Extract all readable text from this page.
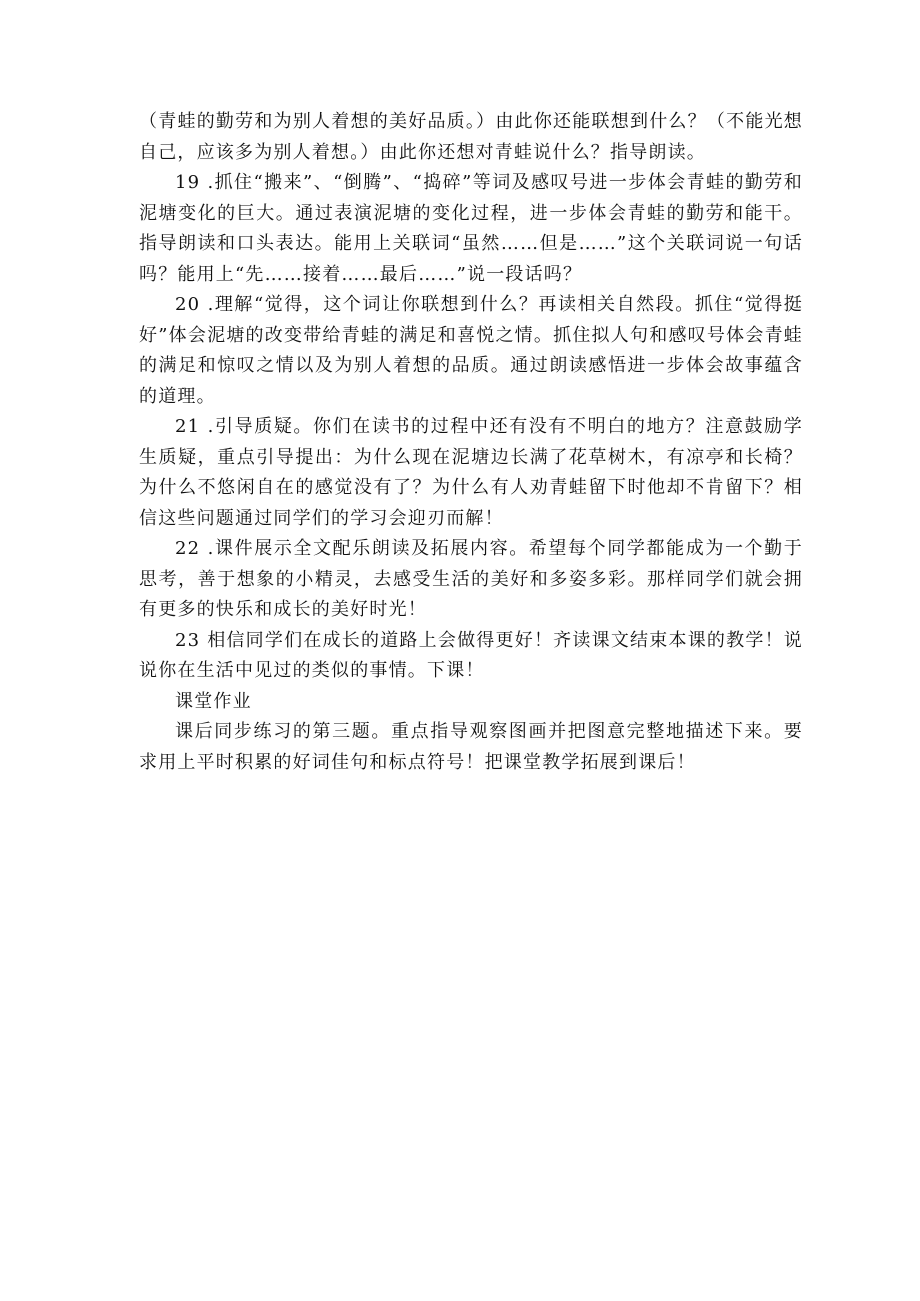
（青蛙的勤劳和为别人着想的美好品质。）由此你还能联想到什么？（不能光想自己，应该多为别人着想。）由此你还想对青蛙说什么？指导朗读。

19 .抓住“搬来”、“倒腾”、“捣碎”等词及感叹号进一步体会青蛙的勤劳和泥塘变化的巨大。通过表演泥塘的变化过程，进一步体会青蛙的勤劳和能干。指导朗读和口头表达。能用上关联词“虽然……但是……”这个关联词说一句话吗？能用上“先……接着……最后……”说一段话吗？

20 .理解“觉得，这个词让你联想到什么？再读相关自然段。抓住“觉得挺好”体会泥塘的改变带给青蛙的满足和喜悦之情。抓住拟人句和感叹号体会青蛙的满足和惊叹之情以及为别人着想的品质。通过朗读感悟进一步体会故事蕴含的道理。

21 .引导质疑。你们在读书的过程中还有没有不明白的地方？注意鼓励学生质疑，重点引导提出：为什么现在泥塘边长满了花草树木，有凉亭和长椅？为什么不悠闲自在的感觉没有了？为什么有人劝青蛙留下时他却不肯留下？相信这些问题通过同学们的学习会迎刃而解！

22 .课件展示全文配乐朗读及拓展内容。希望每个同学都能成为一个勤于思考，善于想象的小精灵，去感受生活的美好和多姿多彩。那样同学们就会拥有更多的快乐和成长的美好时光！

23 相信同学们在成长的道路上会做得更好！齐读课文结束本课的教学！说说你在生活中见过的类似的事情。下课！

课堂作业

课后同步练习的第三题。重点指导观察图画并把图意完整地描述下来。要求用上平时积累的好词佳句和标点符号！把课堂教学拓展到课后！
